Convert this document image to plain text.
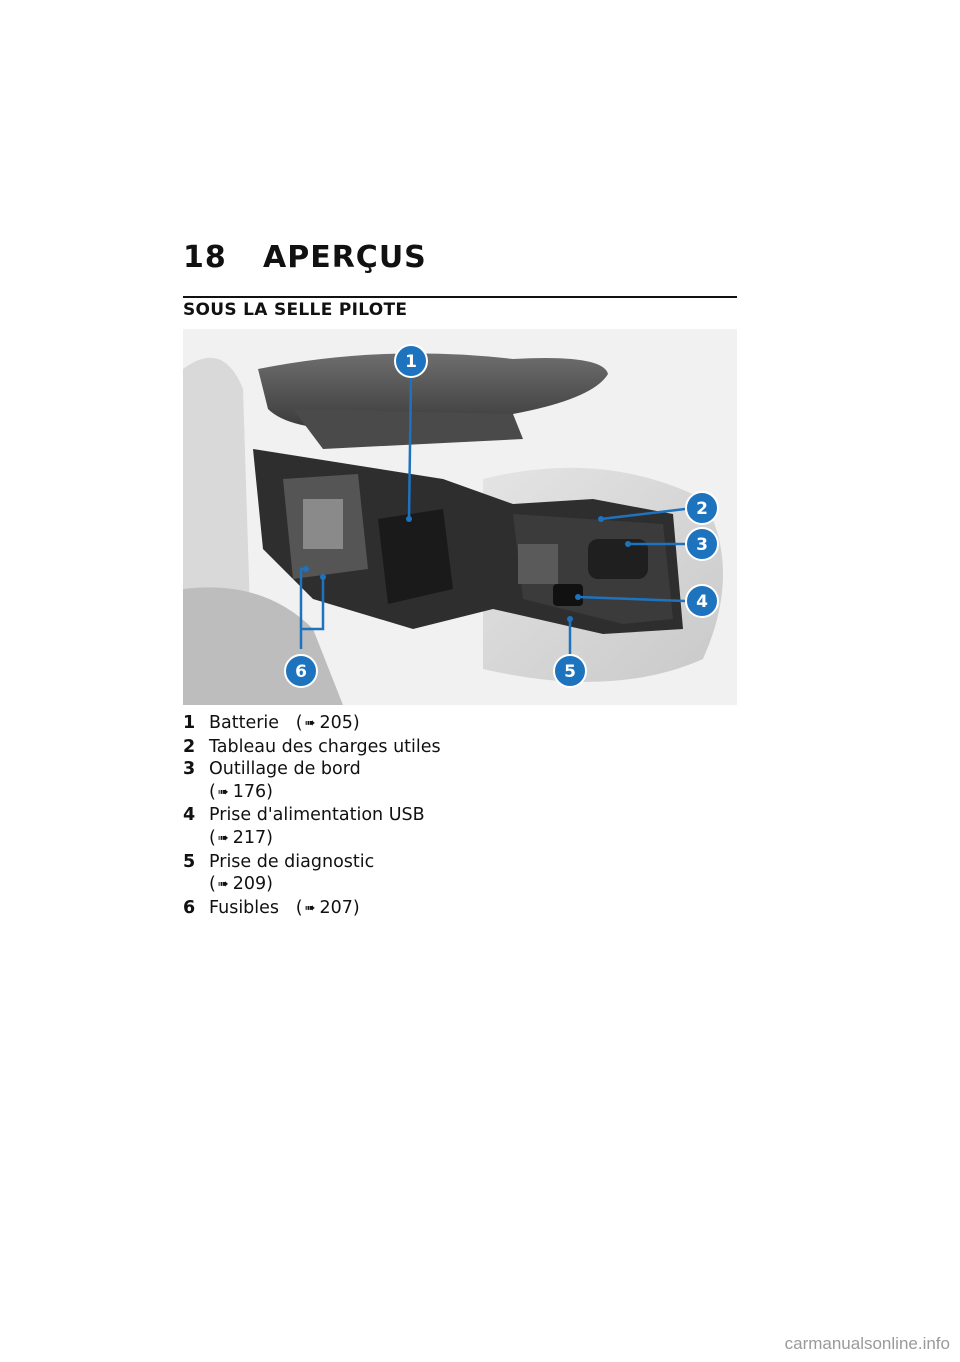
18 APERÇUS
SOUS LA SELLE PILOTE
1
2
3
4
5
6
1 Batterie ( ➠ 205)
2 Tableau des charges utiles
3 Outillage de bord
( ➠ 176)
4 Prise d'alimentation USB
( ➠ 217)
5 Prise de diagnostic
( ➠ 209)
6 Fusibles ( ➠ 207)
carmanualsonline.info
